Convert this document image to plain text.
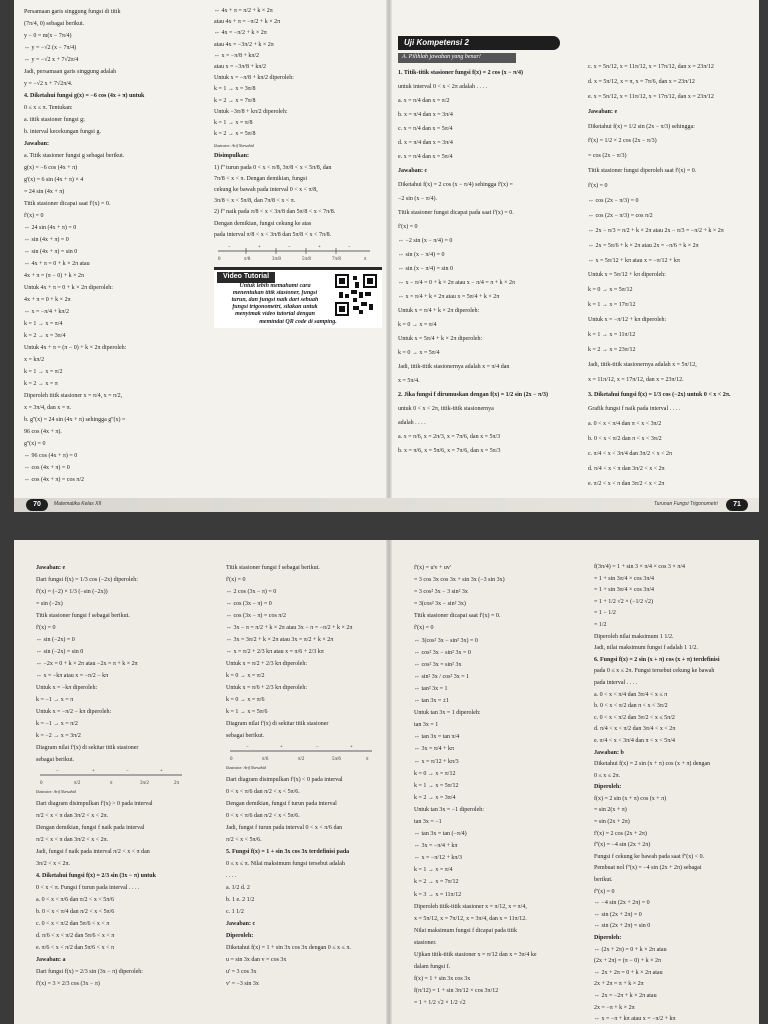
Persamaan garis singgung fungsi di titik
(7π/4, 0) sebagai berikut.
y − 0 = m(x − 7π/4)
⇔ y = −√2 (x − 7π/4)
⇔ y = −√2 x + 7√2π/4
Jadi, persamaan garis singgung adalah
y = −√2 x + 7√2π/4.
4. Diketahui fungsi g(x) = −6 cos (4x + π) untuk
0 ≤ x ≤ π. Tentukan:
a. titik stasioner fungsi g;
b. interval kecekungan fungsi g.
Jawaban:
a. Titik stasioner fungsi g sebagai berikut.
g(x) = −6 cos (4x + π)
g'(x) = 6 sin (4x + π) × 4
= 24 sin (4x + π)
Titik stasioner dicapai saat f'(x) = 0.
f'(x) = 0
⇔ 24 sin (4x + π) = 0
⇔ sin (4x + π) = 0
⇔ sin (4x + π) = sin 0
⇔ 4x + π = 0 + k × 2π atau
4x + π = (π − 0) + k × 2π
Untuk 4x + π = 0 + k × 2π diperoleh:
4x + π = 0 + k × 2π
⇔ x = −π/4 + kπ/2
k = 1 → x = π/4
k = 2 → x = 3π/4
Untuk 4x + π = (π − 0) + k × 2π diperoleh:
x = kπ/2
k = 1 → x = π/2
k = 2 → x = π
Diperoleh titik stasioner x = π/4, x = π/2,
x = 3π/4, dan x = π.
b. g''(x) = 24 sin (4x + π) sehingga g''(x) =
96 cos (4x + π).
g''(x) = 0
⇔ 96 cos (4x + π) = 0
⇔ cos (4x + π) = 0
⇔ cos (4x + π) = cos π/2
⇔ 4x + π = π/2 + k × 2π
atau 4x + π = −π/2 + k × 2π
⇔ 4x = −π/2 + k × 2π
atau 4x = −3π/2 + k × 2π
⇔ x = −π/8 + kπ/2
atau x = −3π/8 + kπ/2
Untuk x = −π/8 + kπ/2 diperoleh:
k = 1 → x = 3π/8
k = 2 → x = 7π/8
Untuk −3π/8 + kπ/2 diperoleh:
k = 1 → x = π/8
k = 2 → x = 5π/8
Ilustrator: Arif Nursahid
Disimpulkan:
1) f'' turun pada 0 < x < π/8, 3π/8 < x < 5π/8, dan
7π/8 < x < π. Dengan demikian, fungsi
cekung ke bawah pada interval 0 < x < π/8,
3π/8 < x < 5π/8, dan 7π/8 < x < π.
2) f'' naik pada π/8 < x < 3π/8 dan 5π/8 < x < 7π/8.
Dengan demikian, fungsi cekung ke atas
pada interval π/8 < x < 3π/8 dan 5π/8 < x < 7π/8.
0	π/8	3π/8	5π/8	7π/8	π
−	+	−	+	−
Video Tutorial
Untuk lebih memahami cara
menentukan titik stasioner, fungsi
turun, dan fungsi naik dari sebuah
fungsi trigonometri, silakan untuk
menyimak video tutorial dengan
memindai QR code di samping.
Uji Kompetensi 2
A. Pilihlah jawaban yang benar!
1. Titik-titik stasioner fungsi f(x) = 2 cos (x − π/4)
untuk interval 0 < x < 2π adalah . . . .
a. x = π/4 dan x = π/2
b. x = π/4 dan x = 3π/4
c. x = π/4 dan x = 5π/4
d. x = π/4 dan x = 3π/4
e. x = π/4 dan x = 5π/4
Jawaban: c
Diketahui f(x) = 2 cos (x − π/4) sehingga f'(x) =
−2 sin (x − π/4).
Titik stasioner fungsi dicapai pada saat f'(x) = 0.
f'(x) = 0
⇔ −2 sin (x − π/4) = 0
⇔ sin (x − π/4) = 0
⇔ sin (x − π/4) = sin 0
⇔ x − π/4 = 0 + k × 2π atau x − π/4 = π + k × 2π
⇔ x = π/4 + k × 2π atau x = 5π/4 + k × 2π
Untuk x = π/4 + k × 2π diperoleh:
k = 0 → x = π/4
Untuk x = 5π/4 + k × 2π diperoleh:
k = 0 → x = 5π/4
Jadi, titik-titik stasionernya adalah x = π/4 dan
x = 5π/4.
2. Jika fungsi f dirumuskan dengan f(x) = 1/2 sin (2x − π/3)
untuk 0 < x < 2π, titik-titik stasionernya
adalah . . . .
a. x = π/6, x = 2π/3, x = 7π/6, dan x = 5π/3
b. x = π/6, x = 5π/6, x = 7π/6, dan x = 5π/3
c. x = 5π/12, x = 11π/12, x = 17π/12, dan x = 23π/12
d. x = 5π/12, x = π, x = 7π/6, dan x = 23π/12
e. x = 5π/12, x = 11π/12, x = 17π/12, dan x = 23π/12
Jawaban: e
Diketahui f(x) = 1/2 sin (2x − π/3) sehingga:
f'(x) = 1/2 × 2 cos (2x − π/3)
= cos (2x − π/3)
Titik stasioner fungsi diperoleh saat f'(x) = 0.
f'(x) = 0
⇔ cos (2x − π/3) = 0
⇔ cos (2x − π/3) = cos π/2
⇔ 2x − π/3 = π/2 + k × 2π atau 2x − π/3 = −π/2 + k × 2π
⇔ 2x = 5π/6 + k × 2π atau 2x = −π/6 + k × 2π
⇔ x = 5π/12 + kπ atau x = −π/12 + kπ
Untuk x = 5π/12 + kπ diperoleh:
k = 0 → x = 5π/12
k = 1 → x = 17π/12
Untuk x = −π/12 + kπ diperoleh:
k = 1 → x = 11π/12
k = 2 → x = 23π/12
Jadi, titik-titik stasionernya adalah x = 5π/12,
x = 11π/12, x = 17π/12, dan x = 23π/12.
3. Diketahui fungsi f(x) = 1/3 cos (−2x) untuk 0 < x < 2π.
Grafik fungsi f naik pada interval . . . .
a. 0 < x < π/4 dan π < x < 3π/2
b. 0 < x < π/2 dan π < x < 3π/2
c. π/4 < x < 3π/4 dan 3π/2 < x < 2π
d. π/4 < x < π dan 3π/2 < x < 2π
e. π/2 < x < π dan 3π/2 < x < 2π
70	Matematika Kelas XII	Turunan Fungsi Trigonometri	71
Jawaban: e
Dari fungsi f(x) = 1/3 cos (−2x) diperoleh:
f'(x) = (−2) × 1/3 (−sin (−2x))
= sin (−2x)
Titik stasioner fungsi f sebagai berikut.
f'(x) = 0
⇔ sin (−2x) = 0
⇔ sin (−2x) = sin 0
⇔ −2x = 0 + k × 2π atau −2x = π + k × 2π
⇔ x = −kπ atau x = −π/2 − kπ
Untuk x = −kπ diperoleh:
k = −1 → x = π
Untuk x = −π/2 − kπ diperoleh:
k = −1 → x = π/2
k = −2 → x = 3π/2
Diagram nilai f'(x) di sekitar titik stasioner
sebagai berikut.
0	π/2	π	3π/2	2π
−	+	−	+
Ilustrator: Arif Nursahid
Dari diagram disimpulkan f'(x) > 0 pada interval
π/2 < x < π dan 3π/2 < x < 2π.
Dengan demikian, fungsi f naik pada interval
π/2 < x < π dan 3π/2 < x < 2π.
Jadi, fungsi f naik pada interval π/2 < x < π dan
3π/2 < x < 2π.
4. Diketahui fungsi f(x) = 2/3 sin (3x − π) untuk
0 < x < π. Fungsi f turun pada interval . . . .
a. 0 < x < π/6 dan π/2 < x < 5π/6
b. 0 < x < π/4 dan π/2 < x < 5π/6
c. 0 < x < π/2 dan 5π/6 < x < π
d. π/6 < x < π/2 dan 5π/6 < x < π
e. π/6 < x < π/2 dan 5π/6 < x < π
Jawaban: a
Dari fungsi f(x) = 2/3 sin (3x − π) diperoleh:
f'(x) = 3 × 2/3 cos (3x − π)
Titik stasioner fungsi f sebagai berikut.
f'(x) = 0
⇔ 2 cos (3x − π) = 0
⇔ cos (3x − π) = 0
⇔ cos (3x − π) = cos π/2
⇔ 3x − π = π/2 + k × 2π atau 3x − π = −π/2 + k × 2π
⇔ 3x = 3π/2 + k × 2π atau 3x = π/2 + k × 2π
⇔ x = π/2 + 2/3 kπ atau x = π/6 + 2/3 kπ
Untuk x = π/2 + 2/3 kπ diperoleh:
k = 0 → x = π/2
Untuk x = π/6 + 2/3 kπ diperoleh:
k = 0 → x = π/6
k = 1 → x = 5π/6
Diagram nilai f'(x) di sekitar titik stasioner
sebagai berikut.
0	π/6	π/2	5π/6	π
−	+	−	+
Ilustrator: Arif Nursahid
Dari diagram disimpulkan f'(x) < 0 pada interval
0 < x < π/6 dan π/2 < x < 5π/6.
Dengan demikian, fungsi f turun pada interval
0 < x < π/6 dan π/2 < x < 5π/6.
Jadi, fungsi f turun pada interval 0 < x < π/6 dan
π/2 < x < 5π/6.
5. Fungsi f(x) = 1 + sin 3x cos 3x terdefinisi pada
0 ≤ x ≤ π. Nilai maksimum fungsi tersebut adalah
. . . .
a. 1/2 d. 2
b. 1 e. 2 1/2
c. 1 1/2
Jawaban: c
Diperoleh:
Diketahui f(x) = 1 + sin 3x cos 3x dengan 0 ≤ x ≤ π.
u = sin 3x dan v = cos 3x
u' = 3 cos 3x
v' = −3 sin 3x
f'(x) = u'v + uv'
= 3 cos 3x cos 3x + sin 3x (−3 sin 3x)
= 3 cos² 3x − 3 sin² 3x
= 3(cos² 3x − sin² 3x)
Titik stasioner dicapai saat f'(x) = 0.
f'(x) = 0
⇔ 3(cos² 3x − sin² 3x) = 0
⇔ cos² 3x − sin² 3x = 0
⇔ cos² 3x = sin² 3x
⇔ sin² 3x / cos² 3x = 1
⇔ tan² 3x = 1
⇔ tan 3x = ±1
Untuk tan 3x = 1 diperoleh:
tan 3x = 1
⇔ tan 3x = tan π/4
⇔ 3x = π/4 + kπ
⇔ x = π/12 + kπ/3
k = 0 → x = π/12
k = 1 → x = 5π/12
k = 2 → x = 3π/4
Untuk tan 3x = −1 diperoleh:
tan 3x = −1
⇔ tan 3x = tan (−π/4)
⇔ 3x = −π/4 + kπ
⇔ x = −π/12 + kπ/3
k = 1 → x = π/4
k = 2 → x = 7π/12
k = 3 → x = 11π/12
Diperoleh titik-titik stasioner x = π/12, x = π/4,
x = 5π/12, x = 7π/12, x = 3π/4, dan x = 11π/12.
Nilai maksimum fungsi f dicapai pada titik
stasioner.
Ujikan titik-titik stasioner x = π/12 dan x = 3π/4 ke
dalam fungsi f.
f(x) = 1 + sin 3x cos 3x
f(π/12) = 1 + sin 3π/12 × cos 3π/12
= 1 + 1/2 √2 × 1/2 √2
f(3π/4) = 1 + sin 3 × π/4 × cos 3 × π/4
= 1 + sin 3π/4 × cos 3π/4
= 1 + sin 3π/4 × cos 3π/4
= 1 + 1/2 √2 × (−1/2 √2)
= 1 − 1/2
= 1/2
Diperoleh nilai maksimum 1 1/2.
Jadi, nilai maksimum fungsi f adalah 1 1/2.
6. Fungsi f(x) = 2 sin (x + π) cos (x + π) terdefinisi
pada 0 ≤ x ≤ 2π. Fungsi tersebut cekung ke bawah
pada interval . . . .
a. 0 < x < π/4 dan 3π/4 < x ≤ π
b. 0 < x < π/2 dan π < x < 3π/2
c. 0 < x < π/2 dan 3π/2 < x ≤ 5π/2
d. π/4 < x < π/2 dan 3π/4 < x < 2π
e. π/4 < x < 3π/4 dan π < x < 5π/4
Jawaban: b
Diketahui f(x) = 2 sin (x + π) cos (x + π) dengan
0 ≤ x ≤ 2π.
Diperoleh:
f(x) = 2 sin (x + π) cos (x + π)
= sin 2(x + π)
= sin (2x + 2π)
f'(x) = 2 cos (2x + 2π)
f''(x) = −4 sin (2x + 2π)
Fungsi f cekung ke bawah pada saat f''(x) < 0.
Pembuat nol f''(x) = −4 sin (2x + 2π) sebagai
berikut.
f''(x) = 0
⇔ −4 sin (2x + 2π) = 0
⇔ sin (2x + 2π) = 0
⇔ sin (2x + 2π) = sin 0
Diperoleh:
⇔ (2x + 2π) = 0 + k × 2π atau
(2x + 2π) = (π − 0) + k × 2π
⇔ 2x + 2π = 0 + k × 2π atau
2x + 2π = π + k × 2π
⇔ 2x = −2π + k × 2π atau
2x = −π + k × 2π
⇔ x = −π + kπ atau x = −π/2 + kπ
